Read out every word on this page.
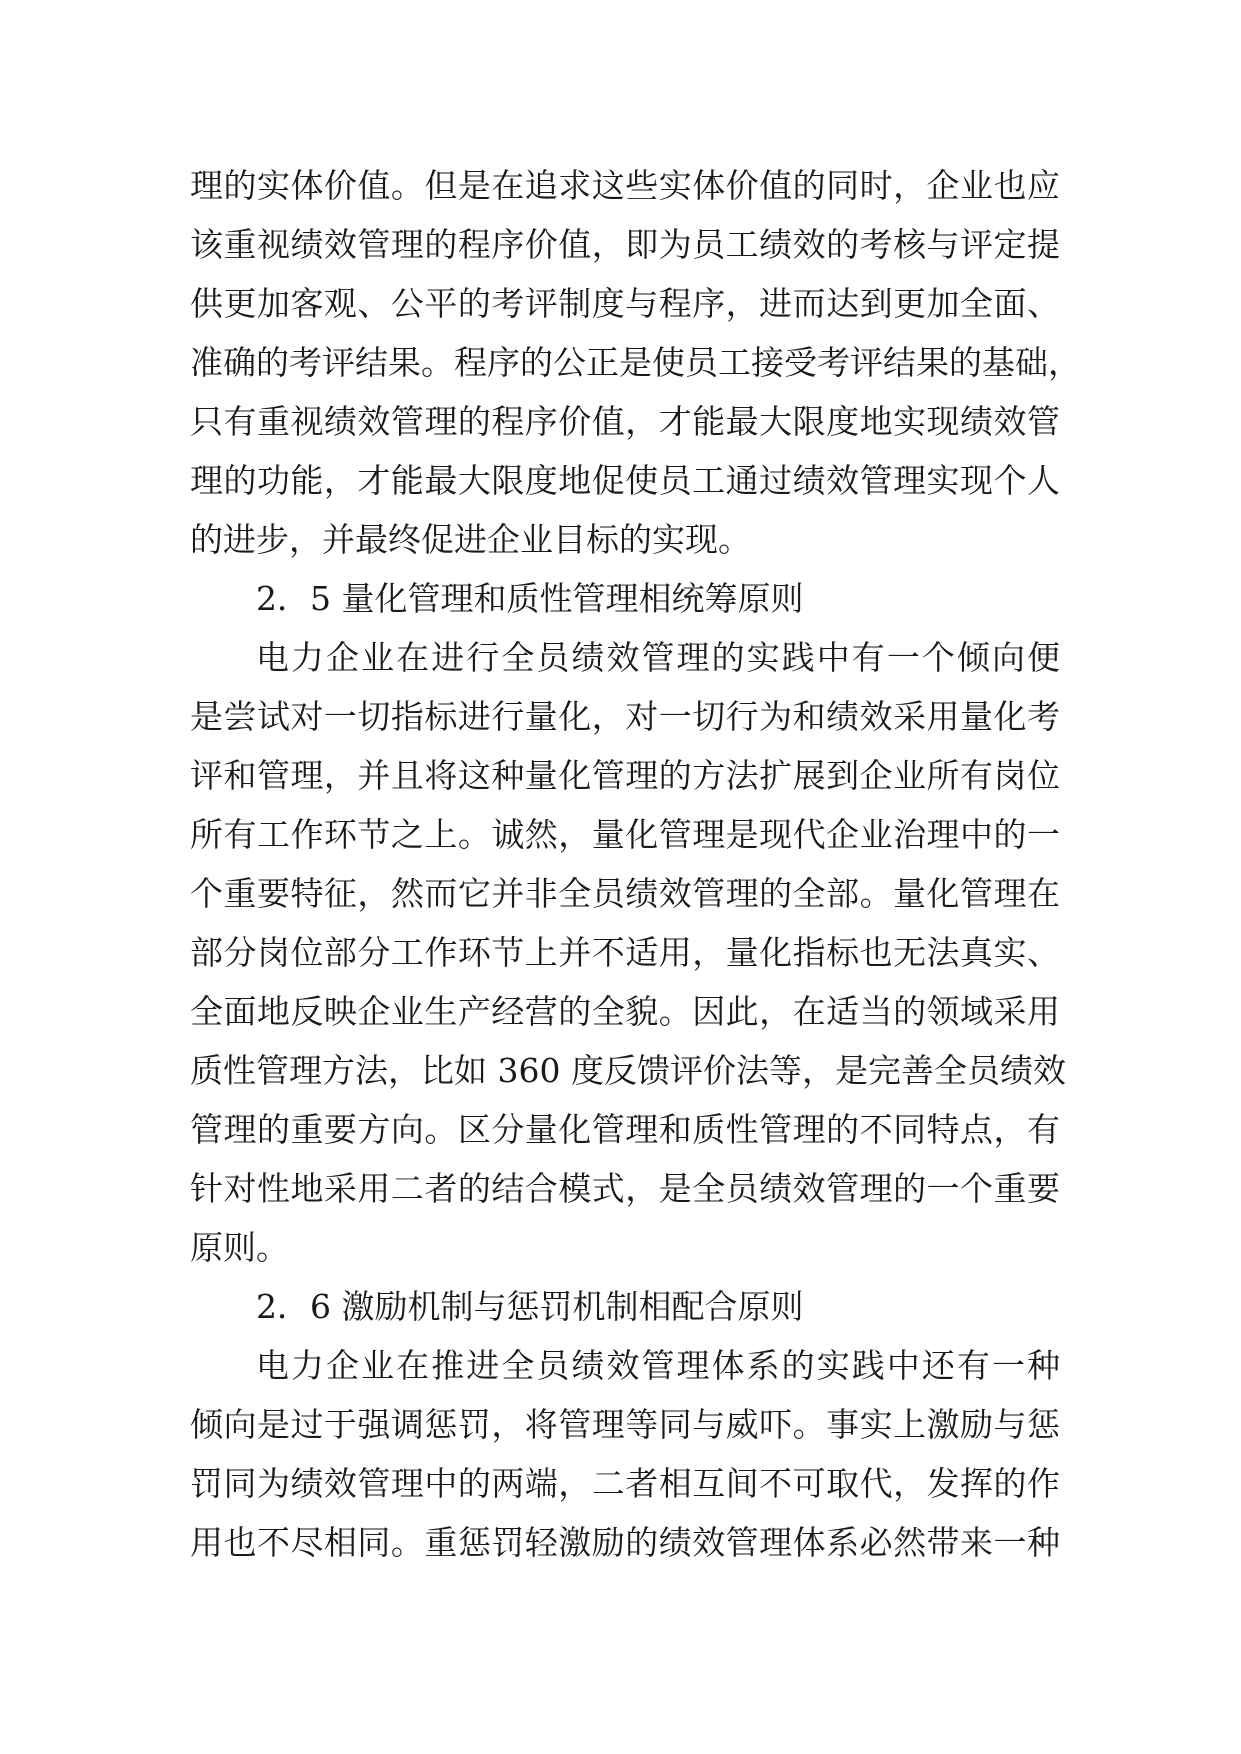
理的实体价值。但是在追求这些实体价值的同时，企业也应
该重视绩效管理的程序价值，即为员工绩效的考核与评定提
供更加客观、公平的考评制度与程序，进而达到更加全面、
准确的考评结果。程序的公正是使员工接受考评结果的基础，
只有重视绩效管理的程序价值，才能最大限度地实现绩效管
理的功能，才能最大限度地促使员工通过绩效管理实现个人
的进步，并最终促进企业目标的实现。
2．5 量化管理和质性管理相统筹原则
电力企业在进行全员绩效管理的实践中有一个倾向便
是尝试对一切指标进行量化，对一切行为和绩效采用量化考
评和管理，并且将这种量化管理的方法扩展到企业所有岗位
所有工作环节之上。诚然，量化管理是现代企业治理中的一
个重要特征，然而它并非全员绩效管理的全部。量化管理在
部分岗位部分工作环节上并不适用，量化指标也无法真实、
全面地反映企业生产经营的全貌。因此，在适当的领域采用
质性管理方法，比如 360 度反馈评价法等，是完善全员绩效
管理的重要方向。区分量化管理和质性管理的不同特点，有
针对性地采用二者的结合模式，是全员绩效管理的一个重要
原则。
2．6 激励机制与惩罚机制相配合原则
电力企业在推进全员绩效管理体系的实践中还有一种
倾向是过于强调惩罚，将管理等同与威吓。事实上激励与惩
罚同为绩效管理中的两端，二者相互间不可取代，发挥的作
用也不尽相同。重惩罚轻激励的绩效管理体系必然带来一种
